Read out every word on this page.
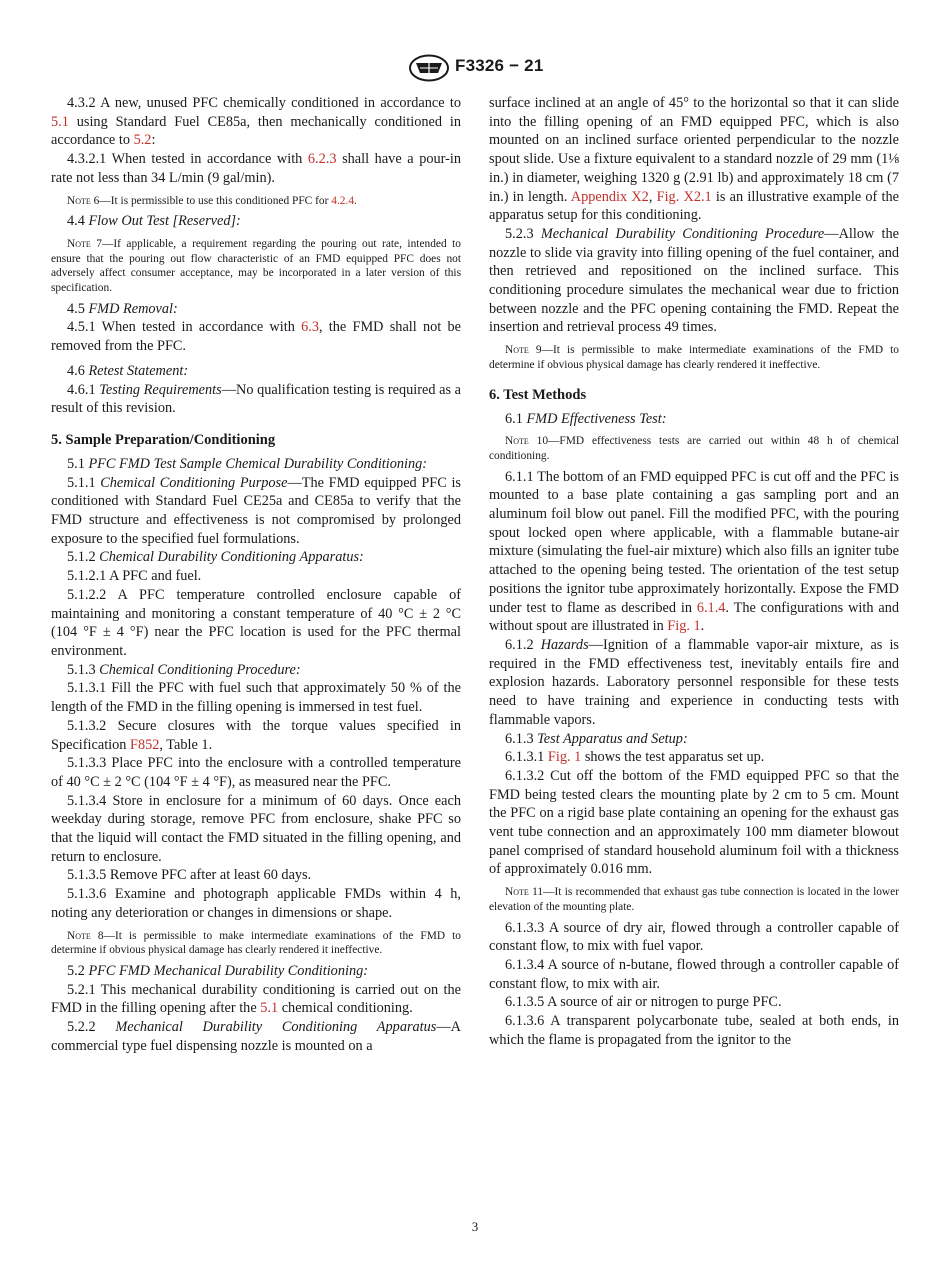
F3326 − 21

4.3.2 A new, unused PFC chemically conditioned in accordance to 5.1 using Standard Fuel CE85a, then mechanically conditioned in accordance to 5.2:

4.3.2.1 When tested in accordance with 6.2.3 shall have a pour-in rate not less than 34 L/min (9 gal/min).

Note 6—It is permissible to use this conditioned PFC for 4.2.4.

4.4 Flow Out Test [Reserved]:

Note 7—If applicable, a requirement regarding the pouring out rate, intended to ensure that the pouring out flow characteristic of an FMD equipped PFC does not adversely affect consumer acceptance, may be incorporated in a later version of this specification.

4.5 FMD Removal:

4.5.1 When tested in accordance with 6.3, the FMD shall not be removed from the PFC.

4.6 Retest Statement:

4.6.1 Testing Requirements—No qualification testing is required as a result of this revision.

5. Sample Preparation/Conditioning

5.1 PFC FMD Test Sample Chemical Durability Conditioning:

5.1.1 Chemical Conditioning Purpose—The FMD equipped PFC is conditioned with Standard Fuel CE25a and CE85a to verify that the FMD structure and effectiveness is not compromised by prolonged exposure to the specified fuel formulations.

5.1.2 Chemical Durability Conditioning Apparatus:

5.1.2.1 A PFC and fuel.

5.1.2.2 A PFC temperature controlled enclosure capable of maintaining and monitoring a constant temperature of 40 °C ± 2 °C (104 °F ± 4 °F) near the PFC location is used for the PFC thermal environment.

5.1.3 Chemical Conditioning Procedure:

5.1.3.1 Fill the PFC with fuel such that approximately 50 % of the length of the FMD in the filling opening is immersed in test fuel.

5.1.3.2 Secure closures with the torque values specified in Specification F852, Table 1.

5.1.3.3 Place PFC into the enclosure with a controlled temperature of 40 °C ± 2 °C (104 °F ± 4 °F), as measured near the PFC.

5.1.3.4 Store in enclosure for a minimum of 60 days. Once each weekday during storage, remove PFC from enclosure, shake PFC so that the liquid will contact the FMD situated in the filling opening, and return to enclosure.

5.1.3.5 Remove PFC after at least 60 days.

5.1.3.6 Examine and photograph applicable FMDs within 4 h, noting any deterioration or changes in dimensions or shape.

Note 8—It is permissible to make intermediate examinations of the FMD to determine if obvious physical damage has clearly rendered it ineffective.

5.2 PFC FMD Mechanical Durability Conditioning:

5.2.1 This mechanical durability conditioning is carried out on the FMD in the filling opening after the 5.1 chemical conditioning.

5.2.2 Mechanical Durability Conditioning Apparatus—A commercial type fuel dispensing nozzle is mounted on a

surface inclined at an angle of 45° to the horizontal so that it can slide into the filling opening of an FMD equipped PFC, which is also mounted on an inclined surface oriented perpendicular to the nozzle spout slide. Use a fixture equivalent to a standard nozzle of 29 mm (1⅛ in.) in diameter, weighing 1320 g (2.91 lb) and approximately 18 cm (7 in.) in length. Appendix X2, Fig. X2.1 is an illustrative example of the apparatus setup for this conditioning.

5.2.3 Mechanical Durability Conditioning Procedure—Allow the nozzle to slide via gravity into filling opening of the fuel container, and then retrieved and repositioned on the inclined surface. This conditioning procedure simulates the mechanical wear due to friction between nozzle and the PFC opening containing the FMD. Repeat the insertion and retrieval process 49 times.

Note 9—It is permissible to make intermediate examinations of the FMD to determine if obvious physical damage has clearly rendered it ineffective.

6. Test Methods

6.1 FMD Effectiveness Test:

Note 10—FMD effectiveness tests are carried out within 48 h of chemical conditioning.

6.1.1 The bottom of an FMD equipped PFC is cut off and the PFC is mounted to a base plate containing a gas sampling port and an aluminum foil blow out panel. Fill the modified PFC, with the pouring spout locked open where applicable, with a flammable butane-air mixture (simulating the fuel-air mixture) which also fills an igniter tube attached to the opening being tested. The orientation of the test setup positions the ignitor tube approximately horizontally. Expose the FMD under test to flame as described in 6.1.4. The configurations with and without spout are illustrated in Fig. 1.

6.1.2 Hazards—Ignition of a flammable vapor-air mixture, as is required in the FMD effectiveness test, inevitably entails fire and explosion hazards. Laboratory personnel responsible for these tests need to have training and experience in conducting tests with flammable vapors.

6.1.3 Test Apparatus and Setup:

6.1.3.1 Fig. 1 shows the test apparatus set up.

6.1.3.2 Cut off the bottom of the FMD equipped PFC so that the FMD being tested clears the mounting plate by 2 cm to 5 cm. Mount the PFC on a rigid base plate containing an opening for the exhaust gas vent tube connection and an approximately 100 mm diameter blowout panel comprised of standard household aluminum foil with a thickness of approximately 0.016 mm.

Note 11—It is recommended that exhaust gas tube connection is located in the lower elevation of the mounting plate.

6.1.3.3 A source of dry air, flowed through a controller capable of constant flow, to mix with fuel vapor.

6.1.3.4 A source of n-butane, flowed through a controller capable of constant flow, to mix with air.

6.1.3.5 A source of air or nitrogen to purge PFC.

6.1.3.6 A transparent polycarbonate tube, sealed at both ends, in which the flame is propagated from the ignitor to the

3
